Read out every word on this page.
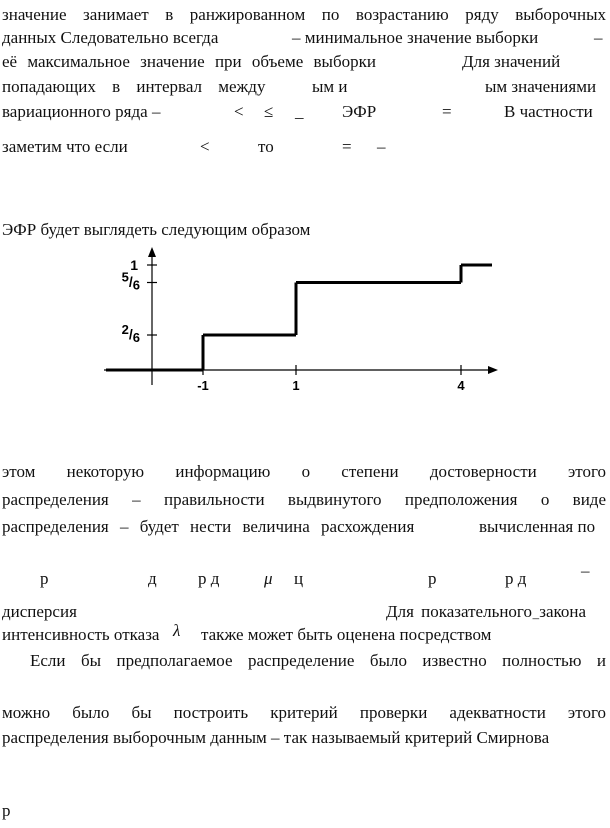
значение занимает в ранжированном по возрастанию ряду выборочных
данных Следовательно всегда	– минимальное значение выборки	–
её максимальное значение при объеме выборки	Для значений
попадающих в интервал между	ым и	ым значениями
вариационного ряда –	< ≤ _ ЭФР	=	В частности
заметим что если	<	то	= –
ЭФР будет выглядеть следующим образом
-1	1	4
1
5/6
2/6
этом некоторую информацию о степени достоверности этого
распределения – правильности выдвинутого предположения о виде
распределения – будет нести величина расхождения	вычисленная по
р	д р д	μ ц	р	р д	–
дисперсия	Для показательного закона
интенсивность отказа λ также может быть оценена посредством ‾
Если бы предполагаемое распределение было известно полностью и
можно было бы построить критерий проверки адекватности этого
распределения выборочным данным – так называемый критерий Смирнова
р
